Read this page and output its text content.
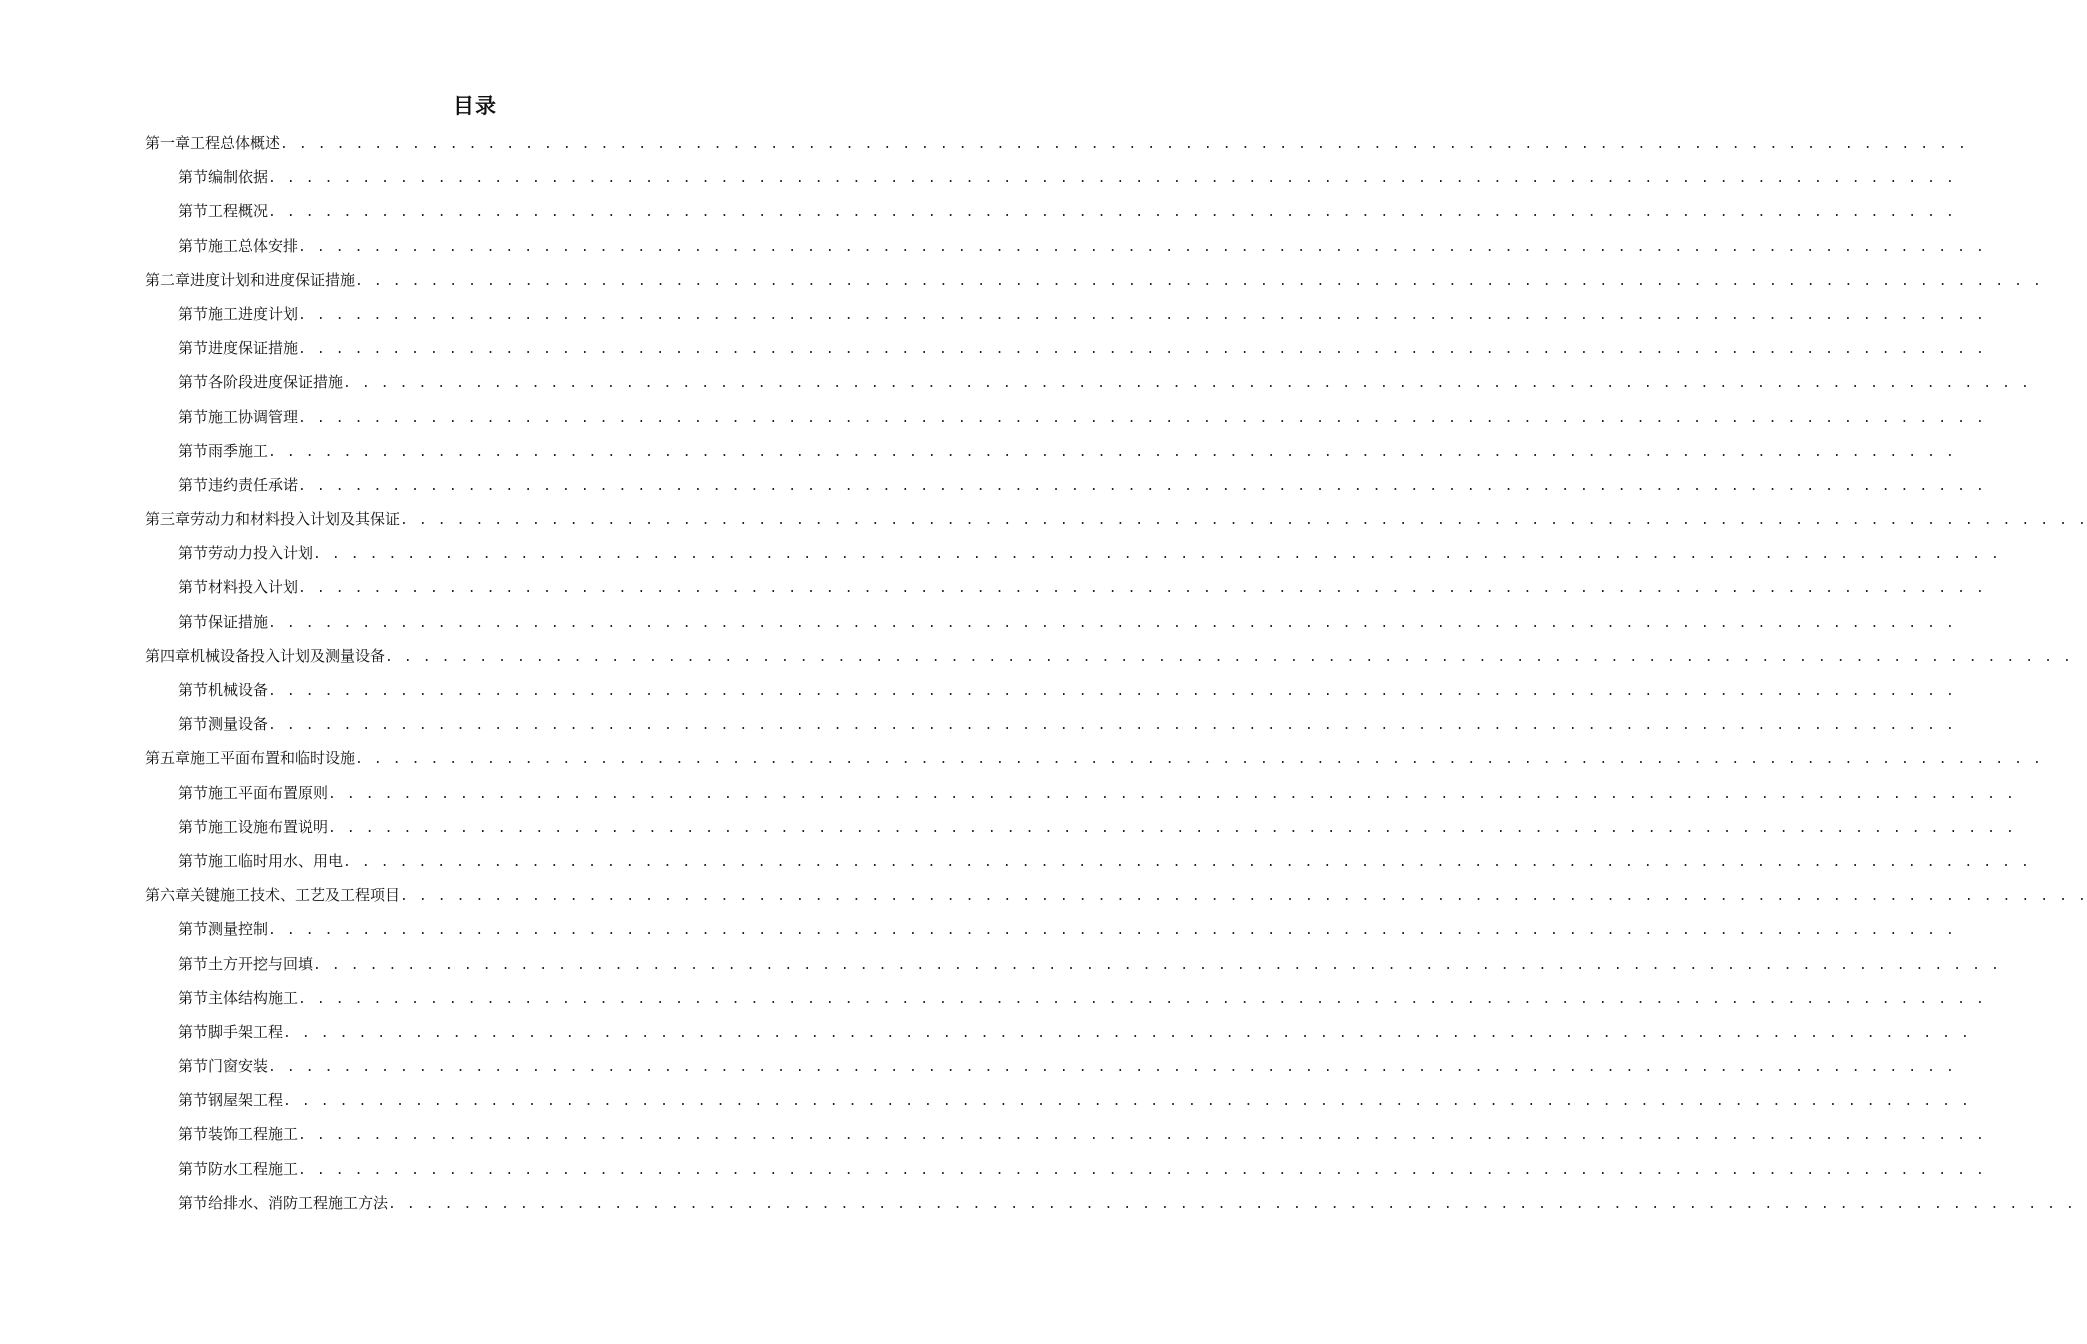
目录
第一章 工程总体概述 . . . . . . . . . . . . . . . . . . . . . . . . . . . . . . . . . . . . . . . . . . . . . . . . . . . . . . . . . . . . . . . . . . . . . . . . . . . . . . . . . . . . . . . . . .
第节 编制依据 . . . . . . . . . . . . . . . . . . . . . . . . . . . . . . . . . . . . . . . . . . . . . . . . . . . . . . . . . . . . . . . . . . . . . . . . . . . . . . . . . . . . . . . . . .
第节 工程概况 . . . . . . . . . . . . . . . . . . . . . . . . . . . . . . . . . . . . . . . . . . . . . . . . . . . . . . . . . . . . . . . . . . . . . . . . . . . . . . . . . . . . . . . . . .
第节 施工总体安排 . . . . . . . . . . . . . . . . . . . . . . . . . . . . . . . . . . . . . . . . . . . . . . . . . . . . . . . . . . . . . . . . . . . . . . . . . . . . . . . . . . . . . . . . . .
第二章 进度计划和进度保证措施 . . . . . . . . . . . . . . . . . . . . . . . . . . . . . . . . . . . . . . . . . . . . . . . . . . . . . . . . . . . . . . . . . . . . . . . . . . . . . . . . . . . . . . . . . .
第节 施工进度计划 . . . . . . . . . . . . . . . . . . . . . . . . . . . . . . . . . . . . . . . . . . . . . . . . . . . . . . . . . . . . . . . . . . . . . . . . . . . . . . . . . . . . . . . . . .
第节 进度保证措施 . . . . . . . . . . . . . . . . . . . . . . . . . . . . . . . . . . . . . . . . . . . . . . . . . . . . . . . . . . . . . . . . . . . . . . . . . . . . . . . . . . . . . . . . . .
第节 各阶段进度保证措施 . . . . . . . . . . . . . . . . . . . . . . . . . . . . . . . . . . . . . . . . . . . . . . . . . . . . . . . . . . . . . . . . . . . . . . . . . . . . . . . . . . . . . . . . . .
第节 施工协调管理 . . . . . . . . . . . . . . . . . . . . . . . . . . . . . . . . . . . . . . . . . . . . . . . . . . . . . . . . . . . . . . . . . . . . . . . . . . . . . . . . . . . . . . . . . .
第节 雨季施工 . . . . . . . . . . . . . . . . . . . . . . . . . . . . . . . . . . . . . . . . . . . . . . . . . . . . . . . . . . . . . . . . . . . . . . . . . . . . . . . . . . . . . . . . . .
第节 违约责任承诺 . . . . . . . . . . . . . . . . . . . . . . . . . . . . . . . . . . . . . . . . . . . . . . . . . . . . . . . . . . . . . . . . . . . . . . . . . . . . . . . . . . . . . . . . . .
第三章 劳动力和材料投入计划及其保证 . . . . . . . . . . . . . . . . . . . . . . . . . . . . . . . . . . . . . . . . . . . . . . . . . . . . . . . . . . . . . . . . . . . . . . . . . . . . . . . . . . . . . . . . . .
第节 劳动力投入计划 . . . . . . . . . . . . . . . . . . . . . . . . . . . . . . . . . . . . . . . . . . . . . . . . . . . . . . . . . . . . . . . . . . . . . . . . . . . . . . . . . . . . . . . . . .
第节 材料投入计划 . . . . . . . . . . . . . . . . . . . . . . . . . . . . . . . . . . . . . . . . . . . . . . . . . . . . . . . . . . . . . . . . . . . . . . . . . . . . . . . . . . . . . . . . . .
第节 保证措施 . . . . . . . . . . . . . . . . . . . . . . . . . . . . . . . . . . . . . . . . . . . . . . . . . . . . . . . . . . . . . . . . . . . . . . . . . . . . . . . . . . . . . . . . . .
第四章 机械设备投入计划及测量设备 . . . . . . . . . . . . . . . . . . . . . . . . . . . . . . . . . . . . . . . . . . . . . . . . . . . . . . . . . . . . . . . . . . . . . . . . . . . . . . . . . . . . . . . . . .
第节 机械设备 . . . . . . . . . . . . . . . . . . . . . . . . . . . . . . . . . . . . . . . . . . . . . . . . . . . . . . . . . . . . . . . . . . . . . . . . . . . . . . . . . . . . . . . . . .
第节 测量设备 . . . . . . . . . . . . . . . . . . . . . . . . . . . . . . . . . . . . . . . . . . . . . . . . . . . . . . . . . . . . . . . . . . . . . . . . . . . . . . . . . . . . . . . . . .
第五章 施工平面布置和临时设施 . . . . . . . . . . . . . . . . . . . . . . . . . . . . . . . . . . . . . . . . . . . . . . . . . . . . . . . . . . . . . . . . . . . . . . . . . . . . . . . . . . . . . . . . . .
第节 施工平面布置原则 . . . . . . . . . . . . . . . . . . . . . . . . . . . . . . . . . . . . . . . . . . . . . . . . . . . . . . . . . . . . . . . . . . . . . . . . . . . . . . . . . . . . . . . . . .
第节 施工设施布置说明 . . . . . . . . . . . . . . . . . . . . . . . . . . . . . . . . . . . . . . . . . . . . . . . . . . . . . . . . . . . . . . . . . . . . . . . . . . . . . . . . . . . . . . . . . .
第节 施工临时用水、用电 . . . . . . . . . . . . . . . . . . . . . . . . . . . . . . . . . . . . . . . . . . . . . . . . . . . . . . . . . . . . . . . . . . . . . . . . . . . . . . . . . . . . . . . . . .
第六章 关键施工技术、工艺及工程项目 . . . . . . . . . . . . . . . . . . . . . . . . . . . . . . . . . . . . . . . . . . . . . . . . . . . . . . . . . . . . . . . . . . . . . . . . . . . . . . . . . . . . . . . . . .
第节 测量控制 . . . . . . . . . . . . . . . . . . . . . . . . . . . . . . . . . . . . . . . . . . . . . . . . . . . . . . . . . . . . . . . . . . . . . . . . . . . . . . . . . . . . . . . . . .
第节 土方开挖与回填 . . . . . . . . . . . . . . . . . . . . . . . . . . . . . . . . . . . . . . . . . . . . . . . . . . . . . . . . . . . . . . . . . . . . . . . . . . . . . . . . . . . . . . . . . .
第节 主体结构施工 . . . . . . . . . . . . . . . . . . . . . . . . . . . . . . . . . . . . . . . . . . . . . . . . . . . . . . . . . . . . . . . . . . . . . . . . . . . . . . . . . . . . . . . . . .
第节 脚手架工程 . . . . . . . . . . . . . . . . . . . . . . . . . . . . . . . . . . . . . . . . . . . . . . . . . . . . . . . . . . . . . . . . . . . . . . . . . . . . . . . . . . . . . . . . . .
第节 门窗安装 . . . . . . . . . . . . . . . . . . . . . . . . . . . . . . . . . . . . . . . . . . . . . . . . . . . . . . . . . . . . . . . . . . . . . . . . . . . . . . . . . . . . . . . . . .
第节 钢屋架工程 . . . . . . . . . . . . . . . . . . . . . . . . . . . . . . . . . . . . . . . . . . . . . . . . . . . . . . . . . . . . . . . . . . . . . . . . . . . . . . . . . . . . . . . . . .
第节 装饰工程施工 . . . . . . . . . . . . . . . . . . . . . . . . . . . . . . . . . . . . . . . . . . . . . . . . . . . . . . . . . . . . . . . . . . . . . . . . . . . . . . . . . . . . . . . . . .
第节 防水工程施工 . . . . . . . . . . . . . . . . . . . . . . . . . . . . . . . . . . . . . . . . . . . . . . . . . . . . . . . . . . . . . . . . . . . . . . . . . . . . . . . . . . . . . . . . . .
第节 给排水、消防工程施工方法 . . . . . . . . . . . . . . . . . . . . . . . . . . . . . . . . . . . . . . . . . . . . . . . . . . . . . . . . . . . . . . . . . . . . . . . . . . . . . . . . . . . . . . . . . .
